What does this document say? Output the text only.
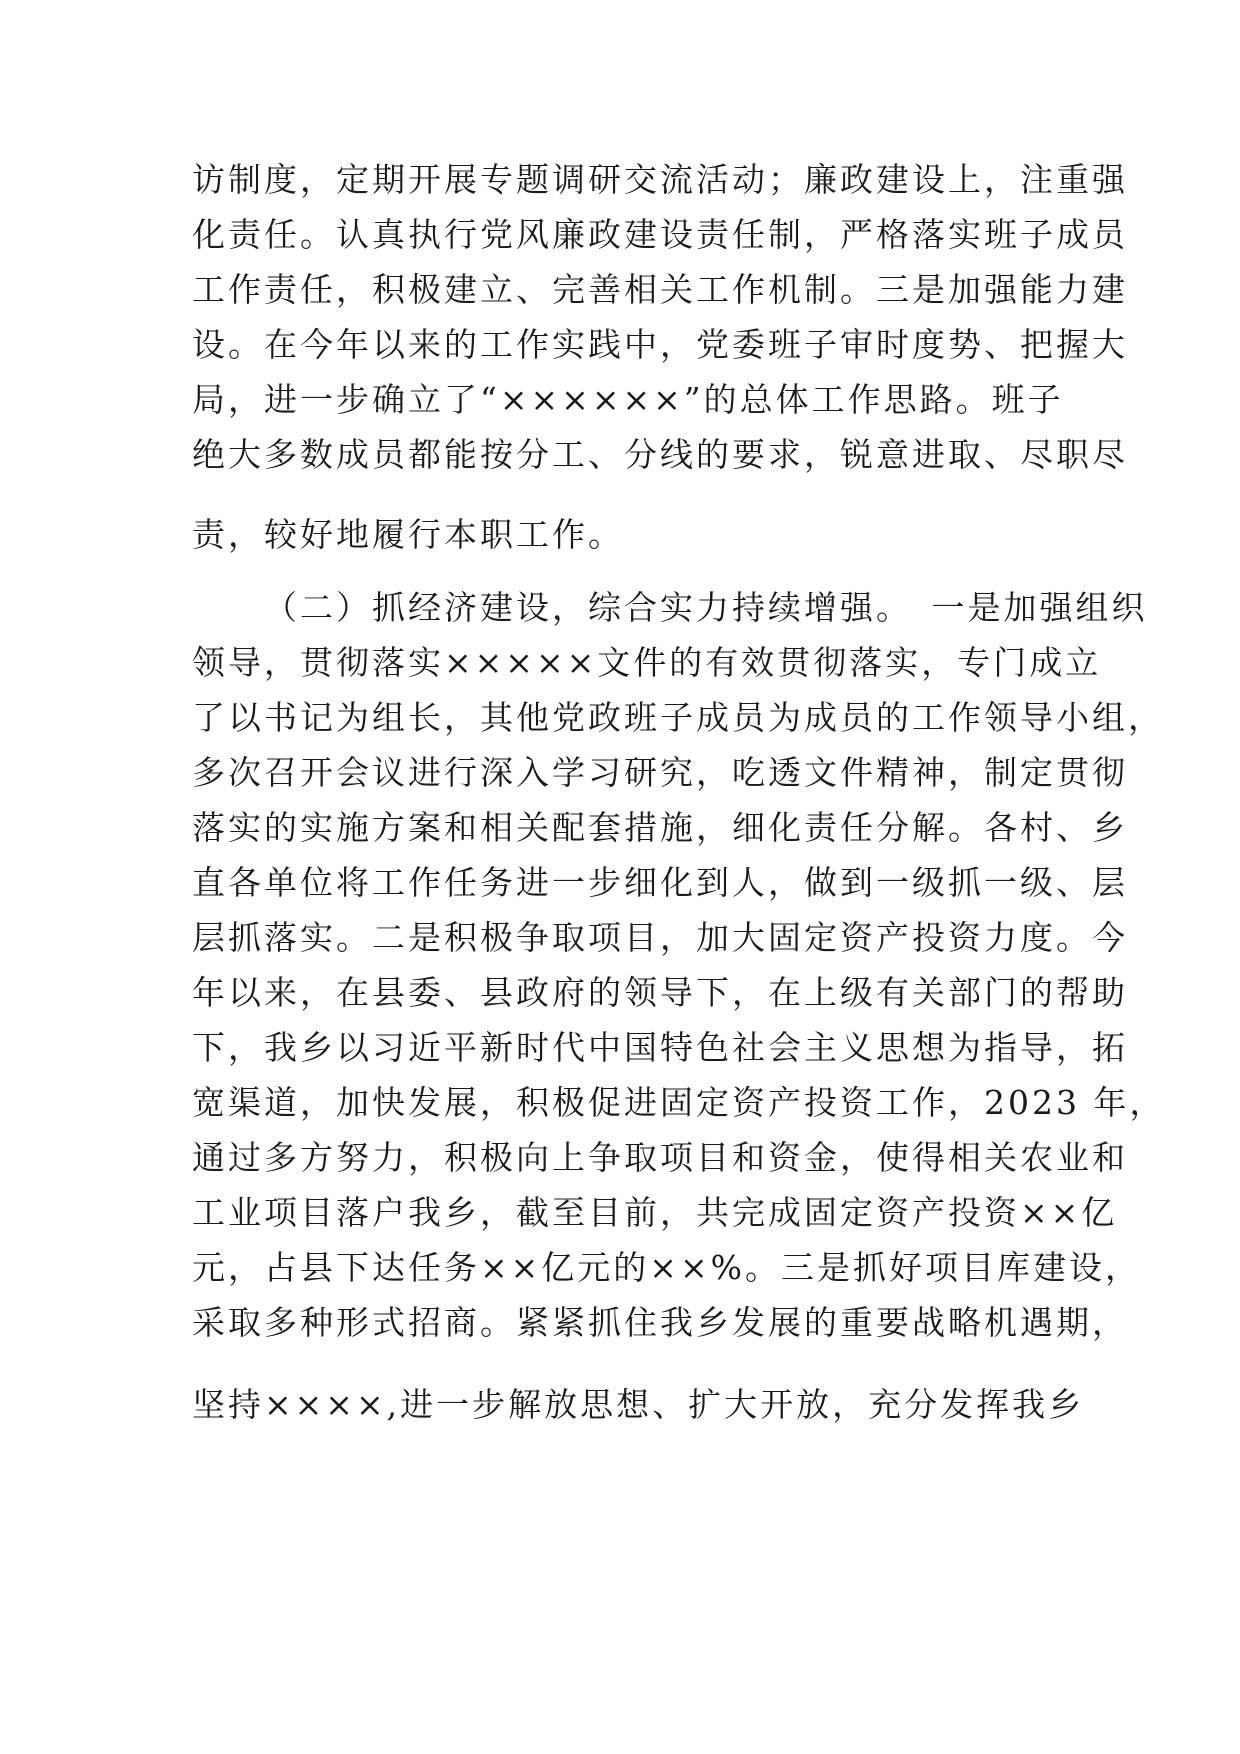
访制度，定期开展专题调研交流活动；廉政建设上，注重强
化责任。认真执行党风廉政建设责任制，严格落实班子成员
工作责任，积极建立、完善相关工作机制。三是加强能力建
设。在今年以来的工作实践中，党委班子审时度势、把握大
局，进一步确立了“××××××”的总体工作思路。班子
绝大多数成员都能按分工、分线的要求，锐意进取、尽职尽
责，较好地履行本职工作。
（二）抓经济建设，综合实力持续增强。　一是加强组织
领导，贯彻落实×××××文件的有效贯彻落实，专门成立
了以书记为组长，其他党政班子成员为成员的工作领导小组，
多次召开会议进行深入学习研究，吃透文件精神，制定贯彻
落实的实施方案和相关配套措施，细化责任分解。各村、乡
直各单位将工作任务进一步细化到人，做到一级抓一级、层
层抓落实。二是积极争取项目，加大固定资产投资力度。今
年以来，在县委、县政府的领导下，在上级有关部门的帮助
下，我乡以习近平新时代中国特色社会主义思想为指导，拓
宽渠道，加快发展，积极促进固定资产投资工作，2023 年，
通过多方努力，积极向上争取项目和资金，使得相关农业和
工业项目落户我乡，截至目前，共完成固定资产投资××亿
元，占县下达任务××亿元的××%。三是抓好项目库建设，
采取多种形式招商。紧紧抓住我乡发展的重要战略机遇期，
坚持××××,进一步解放思想、扩大开放，充分发挥我乡
